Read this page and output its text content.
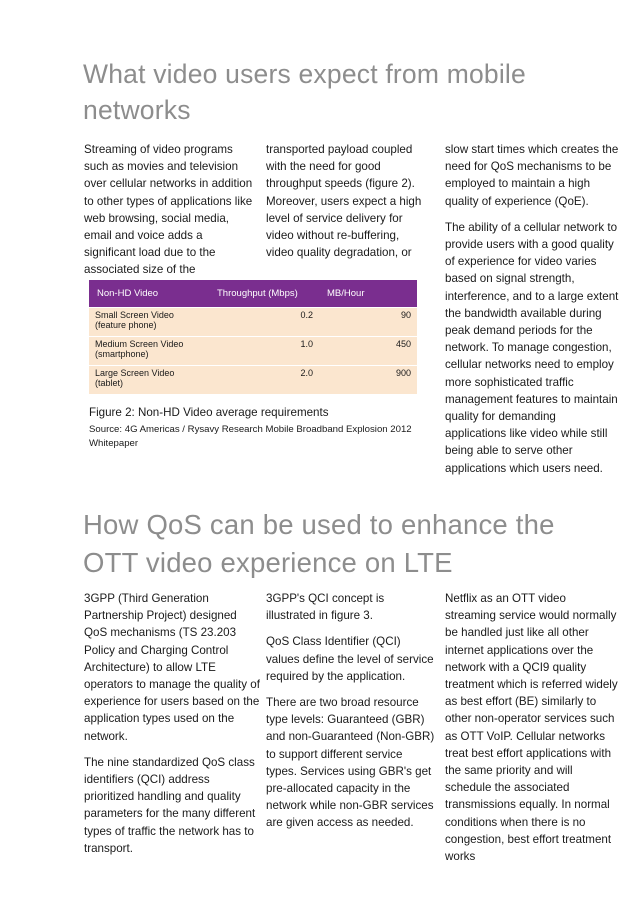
What video users expect from mobile
networks

Streaming of video programs such as movies and television over cellular networks in addition to other types of applications like web browsing, social media, email and voice adds a significant load due to the associated size of the

transported payload coupled with the need for good throughput speeds (figure 2). Moreover, users expect a high level of service delivery for video without re-buffering, video quality degradation, or

slow start times which creates the need for QoS mechanisms to be employed to maintain a high quality of experience (QoE).

The ability of a cellular network to provide users with a good quality of experience for video varies based on signal strength, interference, and to a large extent the bandwidth available during peak demand periods for the network. To manage congestion, cellular networks need to employ more sophisticated traffic management features to maintain quality for demanding applications like video while still being able to serve other applications which users need.

Non-HD Video	Throughput (Mbps)	MB/Hour
Small Screen Video
(feature phone)	0.2	90
Medium Screen Video
(smartphone)	1.0	450
Large Screen Video
(tablet)	2.0	900
Figure 2: Non-HD Video average requirements
Source: 4G Americas / Rysavy Research Mobile Broadband Explosion 2012 Whitepaper
How QoS can be used to enhance the
OTT video experience on LTE

3GPP (Third Generation Partnership Project) designed QoS mechanisms (TS 23.203 Policy and Charging Control Architecture) to allow LTE operators to manage the quality of experience for users based on the application types used on the network.

The nine standardized QoS class identifiers (QCI) address prioritized handling and quality parameters for the many different types of traffic the network has to transport.

3GPP's QCI concept is illustrated in figure 3.

QoS Class Identifier (QCI) values define the level of service required by the application.

There are two broad resource type levels: Guaranteed (GBR) and non-Guaranteed (Non-GBR) to support different service types. Services using GBR's get pre-allocated capacity in the network while non-GBR services are given access as needed.

Netflix as an OTT video streaming service would normally be handled just like all other internet applications over the network with a QCI9 quality treatment which is referred widely as best effort (BE) similarly to other non-operator services such as OTT VoIP. Cellular networks treat best effort applications with the same priority and will schedule the associated transmissions equally. In normal conditions when there is no congestion, best effort treatment works
